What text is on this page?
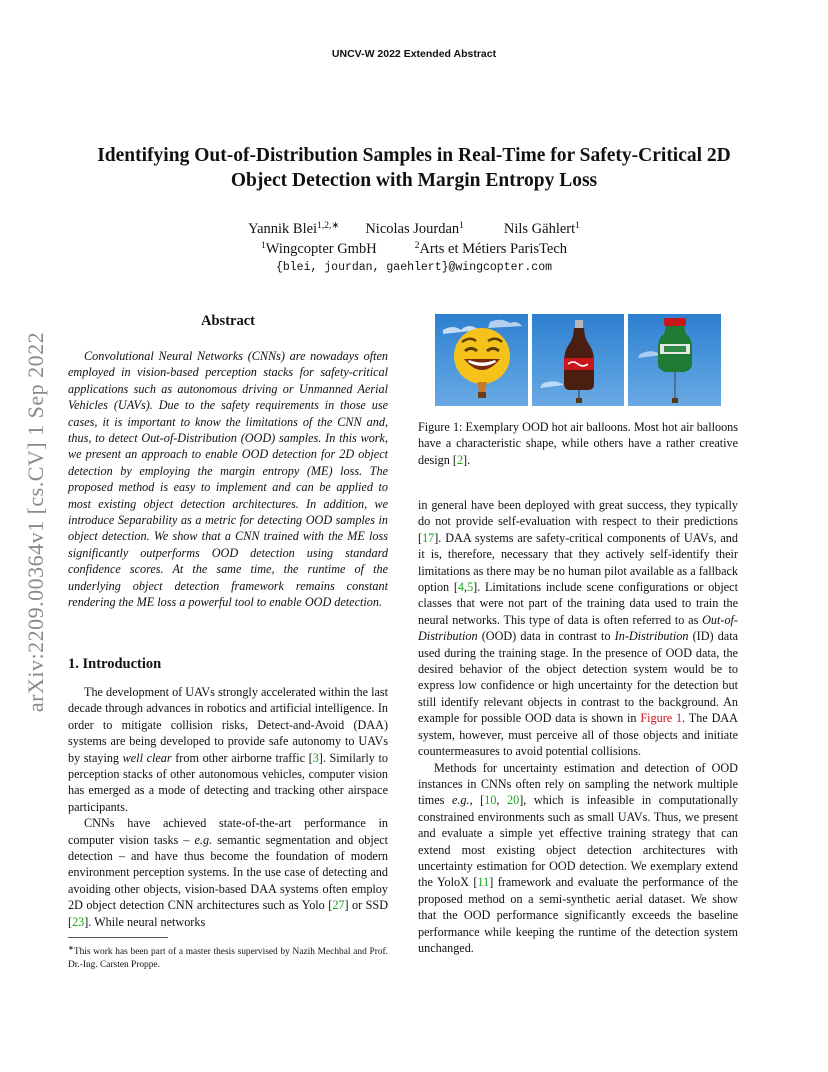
UNCV-W 2022 Extended Abstract
Identifying Out-of-Distribution Samples in Real-Time for Safety-Critical 2D
Object Detection with Margin Entropy Loss
Yannik Blei$^{1,2,∗}$ Nicolas Jourdan$^1$	Nils Gählert$^1$
$^1$Wingcopter GmbH	$^2$Arts et Métiers ParisTech
{blei, jourdan, gaehlert}@wingcopter.com
arXiv:2209.00364v1 [cs.CV] 1 Sep 2022
Abstract

Convolutional Neural Networks (CNNs) are nowadays often employed in vision-based perception stacks for safety-critical applications such as autonomous driving or Unmanned Aerial Vehicles (UAVs). Due to the safety requirements in those use cases, it is important to know the limitations of the CNN and, thus, to detect Out-of-Distribution (OOD) samples. In this work, we present an approach to enable OOD detection for 2D object detection by employing the margin entropy (ME) loss. The proposed method is easy to implement and can be applied to most existing object detection architectures. In addition, we introduce Separability as a metric for detecting OOD samples in object detection. We show that a CNN trained with the ME loss significantly outperforms OOD detection using standard confidence scores. At the same time, the runtime of the underlying object detection framework remains constant rendering the ME loss a powerful tool to enable OOD detection.

1. Introduction

The development of UAVs strongly accelerated within the last decade through advances in robotics and artificial intelligence. In order to mitigate collision risks, Detect-and-Avoid (DAA) systems are being developed to provide safe autonomy to UAVs by staying well clear from other airborne traffic [3]. Similarly to perception stacks of other autonomous vehicles, computer vision has emerged as a mode of detecting and tracking other airspace participants.

CNNs have achieved state-of-the-art performance in computer vision tasks – e.g. semantic segmentation and object detection – and have thus become the foundation of modern environment perception systems. In the use case of detecting and avoiding other objects, vision-based DAA systems often employ 2D object detection CNN architectures such as Yolo [27] or SSD [23]. While neural networks

∗This work has been part of a master thesis supervised by Nazih Mechbal and Prof. Dr.-Ing. Carsten Proppe.

Figure 1: Exemplary OOD hot air balloons. Most hot air balloons have a characteristic shape, while others have a rather creative design [2].

in general have been deployed with great success, they typically do not provide self-evaluation with respect to their predictions [17]. DAA systems are safety-critical components of UAVs, and it is, therefore, necessary that they actively self-identify their limitations as there may be no human pilot available as a fallback option [4,5]. Limitations include scene configurations or object classes that were not part of the training data used to train the neural networks. This type of data is often referred to as Out-of-Distribution (OOD) data in contrast to In-Distribution (ID) data used during the training stage. In the presence of OOD data, the desired behavior of the object detection system would be to express low confidence or high uncertainty for the detection but still identify relevant objects in contrast to the background. An example for possible OOD data is shown in Figure 1. The DAA system, however, must perceive all of those objects and initiate countermeasures to avoid potential collisions.

Methods for uncertainty estimation and detection of OOD instances in CNNs often rely on sampling the network multiple times e.g., [10, 20], which is infeasible in computationally constrained environments such as small UAVs. Thus, we present and evaluate a simple yet effective training strategy that can extend most existing object detection architectures with uncertainty estimation for OOD detection. We exemplary extend the YoloX [11] framework and evaluate the performance of the proposed method on a semi-synthetic aerial dataset. We show that the OOD performance significantly exceeds the baseline performance while keeping the runtime of the detection system unchanged.
